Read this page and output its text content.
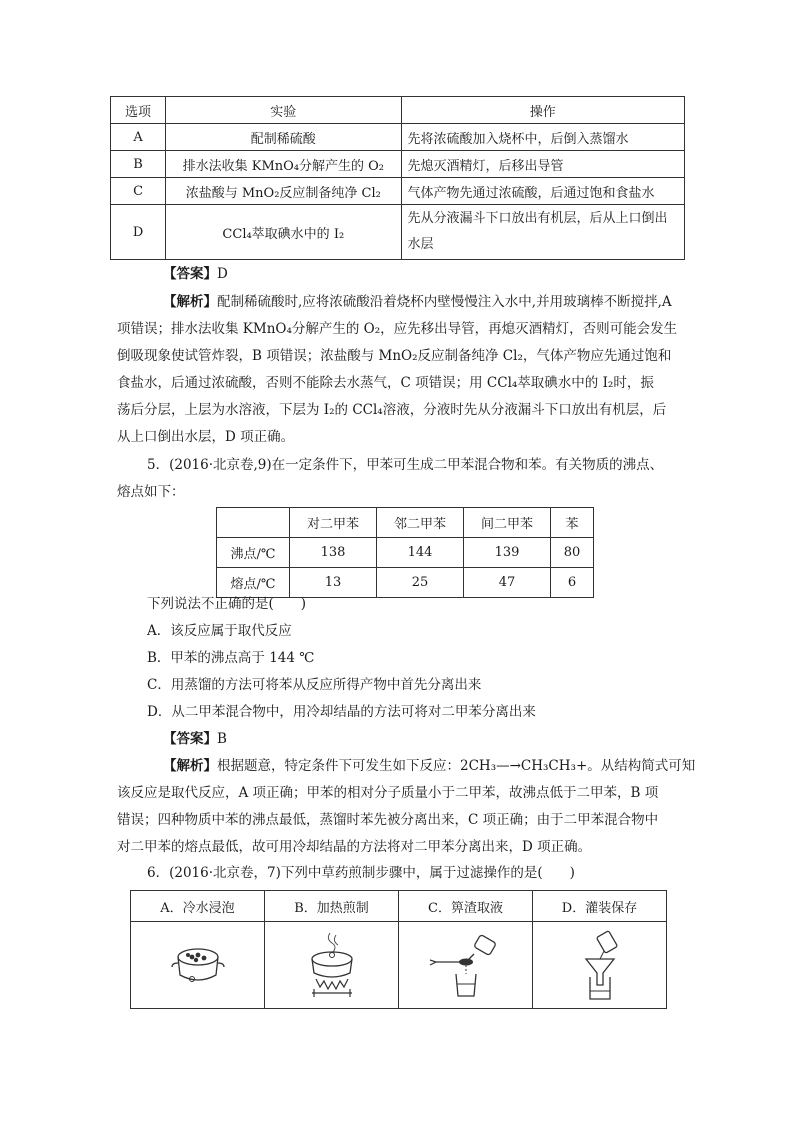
选项	实验	操作
A	配制稀硫酸	先将浓硫酸加入烧杯中，后倒入蒸馏水
B	排水法收集 KMnO₄分解产生的 O₂	先熄灭酒精灯，后移出导管
C	浓盐酸与 MnO₂反应制备纯净 Cl₂	气体产物先通过浓硫酸，后通过饱和食盐水
D	CCl₄萃取碘水中的 I₂	先从分液漏斗下口放出有机层，后从上口倒出水层
【答案】D
【解析】配制稀硫酸时,应将浓硫酸沿着烧杯内壁慢慢注入水中,并用玻璃棒不断搅拌,A
项错误；排水法收集 KMnO₄分解产生的 O₂，应先移出导管，再熄灭酒精灯，否则可能会发生
倒吸现象使试管炸裂，B 项错误；浓盐酸与 MnO₂反应制备纯净 Cl₂，气体产物应先通过饱和
食盐水，后通过浓硫酸，否则不能除去水蒸气，C 项错误；用 CCl₄萃取碘水中的 I₂时，振
荡后分层，上层为水溶液，下层为 I₂的 CCl₄溶液，分液时先从分液漏斗下口放出有机层，后
从上口倒出水层，D 项正确。
5．(2016·北京卷,9)在一定条件下，甲苯可生成二甲苯混合物和苯。有关物质的沸点、
熔点如下：
	对二甲苯	邻二甲苯	间二甲苯	苯
沸点/℃	138	144	139	80
熔点/℃	13	25	47	6
下列说法不正确的是(　　)
A．该反应属于取代反应
B．甲苯的沸点高于 144 ℃
C．用蒸馏的方法可将苯从反应所得产物中首先分离出来
D．从二甲苯混合物中，用冷却结晶的方法可将对二甲苯分离出来
【答案】B
【解析】根据题意，特定条件下可发生如下反应：2CH₃—→CH₃CH₃+。从结构简式可知
该反应是取代反应，A 项正确；甲苯的相对分子质量小于二甲苯，故沸点低于二甲苯，B 项
错误；四种物质中苯的沸点最低，蒸馏时苯先被分离出来，C 项正确；由于二甲苯混合物中
对二甲苯的熔点最低，故可用冷却结晶的方法将对二甲苯分离出来，D 项正确。
6．(2016·北京卷，7)下列中草药煎制步骤中，属于过滤操作的是(　　)
A．冷水浸泡	B．加热煎制	C．箅渣取液	D．灌装保存
